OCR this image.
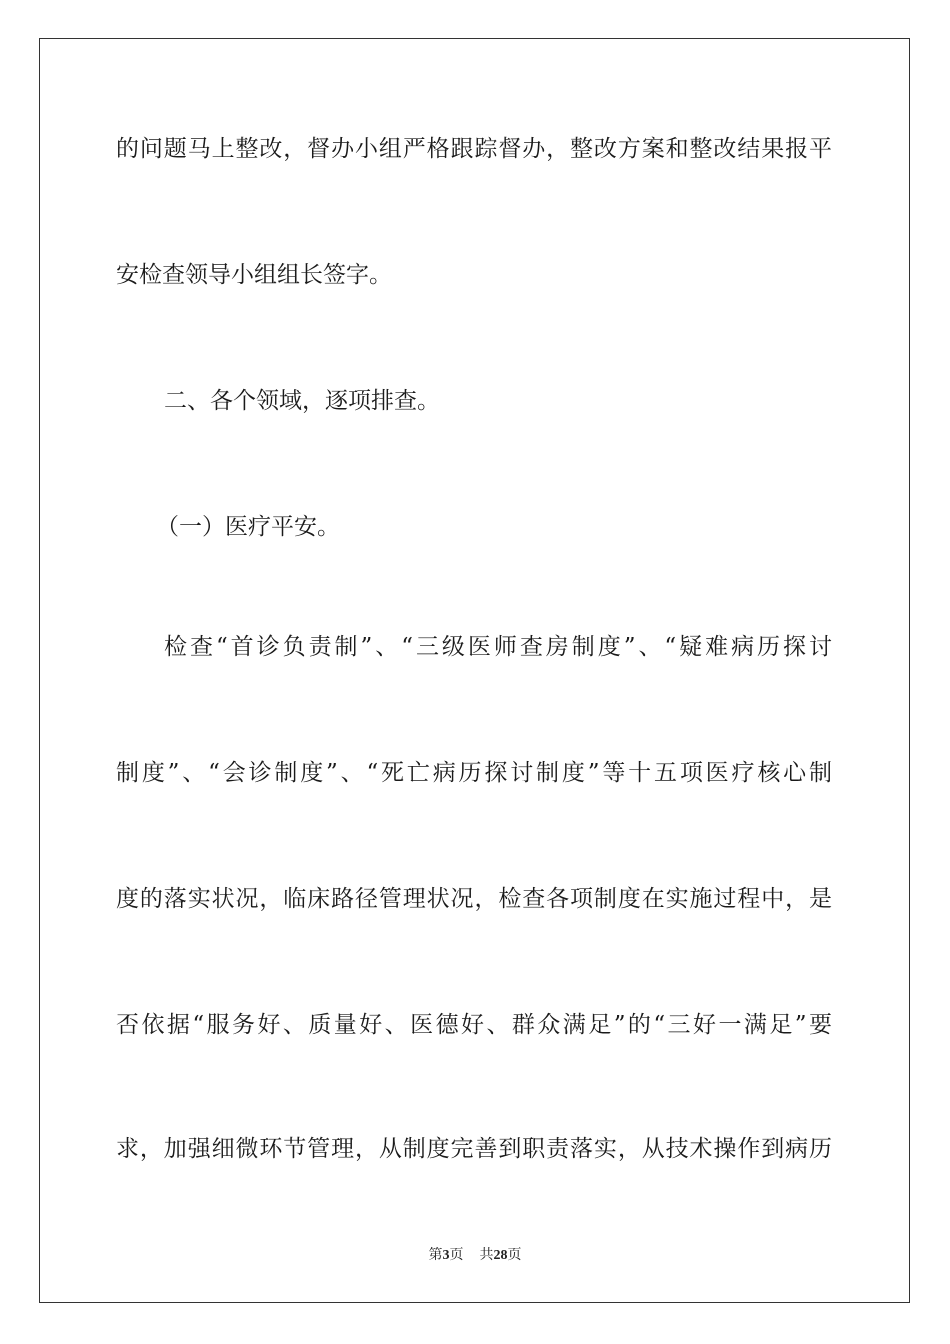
的问题马上整改，督办小组严格跟踪督办，整改方案和整改结果报平
安检查领导小组组长签字。
二、各个领域，逐项排查。
（一）医疗平安。
检查“首诊负责制”、“三级医师查房制度”、“疑难病历探讨
制度”、“会诊制度”、“死亡病历探讨制度”等十五项医疗核心制
度的落实状况，临床路径管理状况，检查各项制度在实施过程中，是
否依据“服务好、质量好、医德好、群众满足”的“三好一满足”要
求，加强细微环节管理，从制度完善到职责落实，从技术操作到病历
第3页 共28页
